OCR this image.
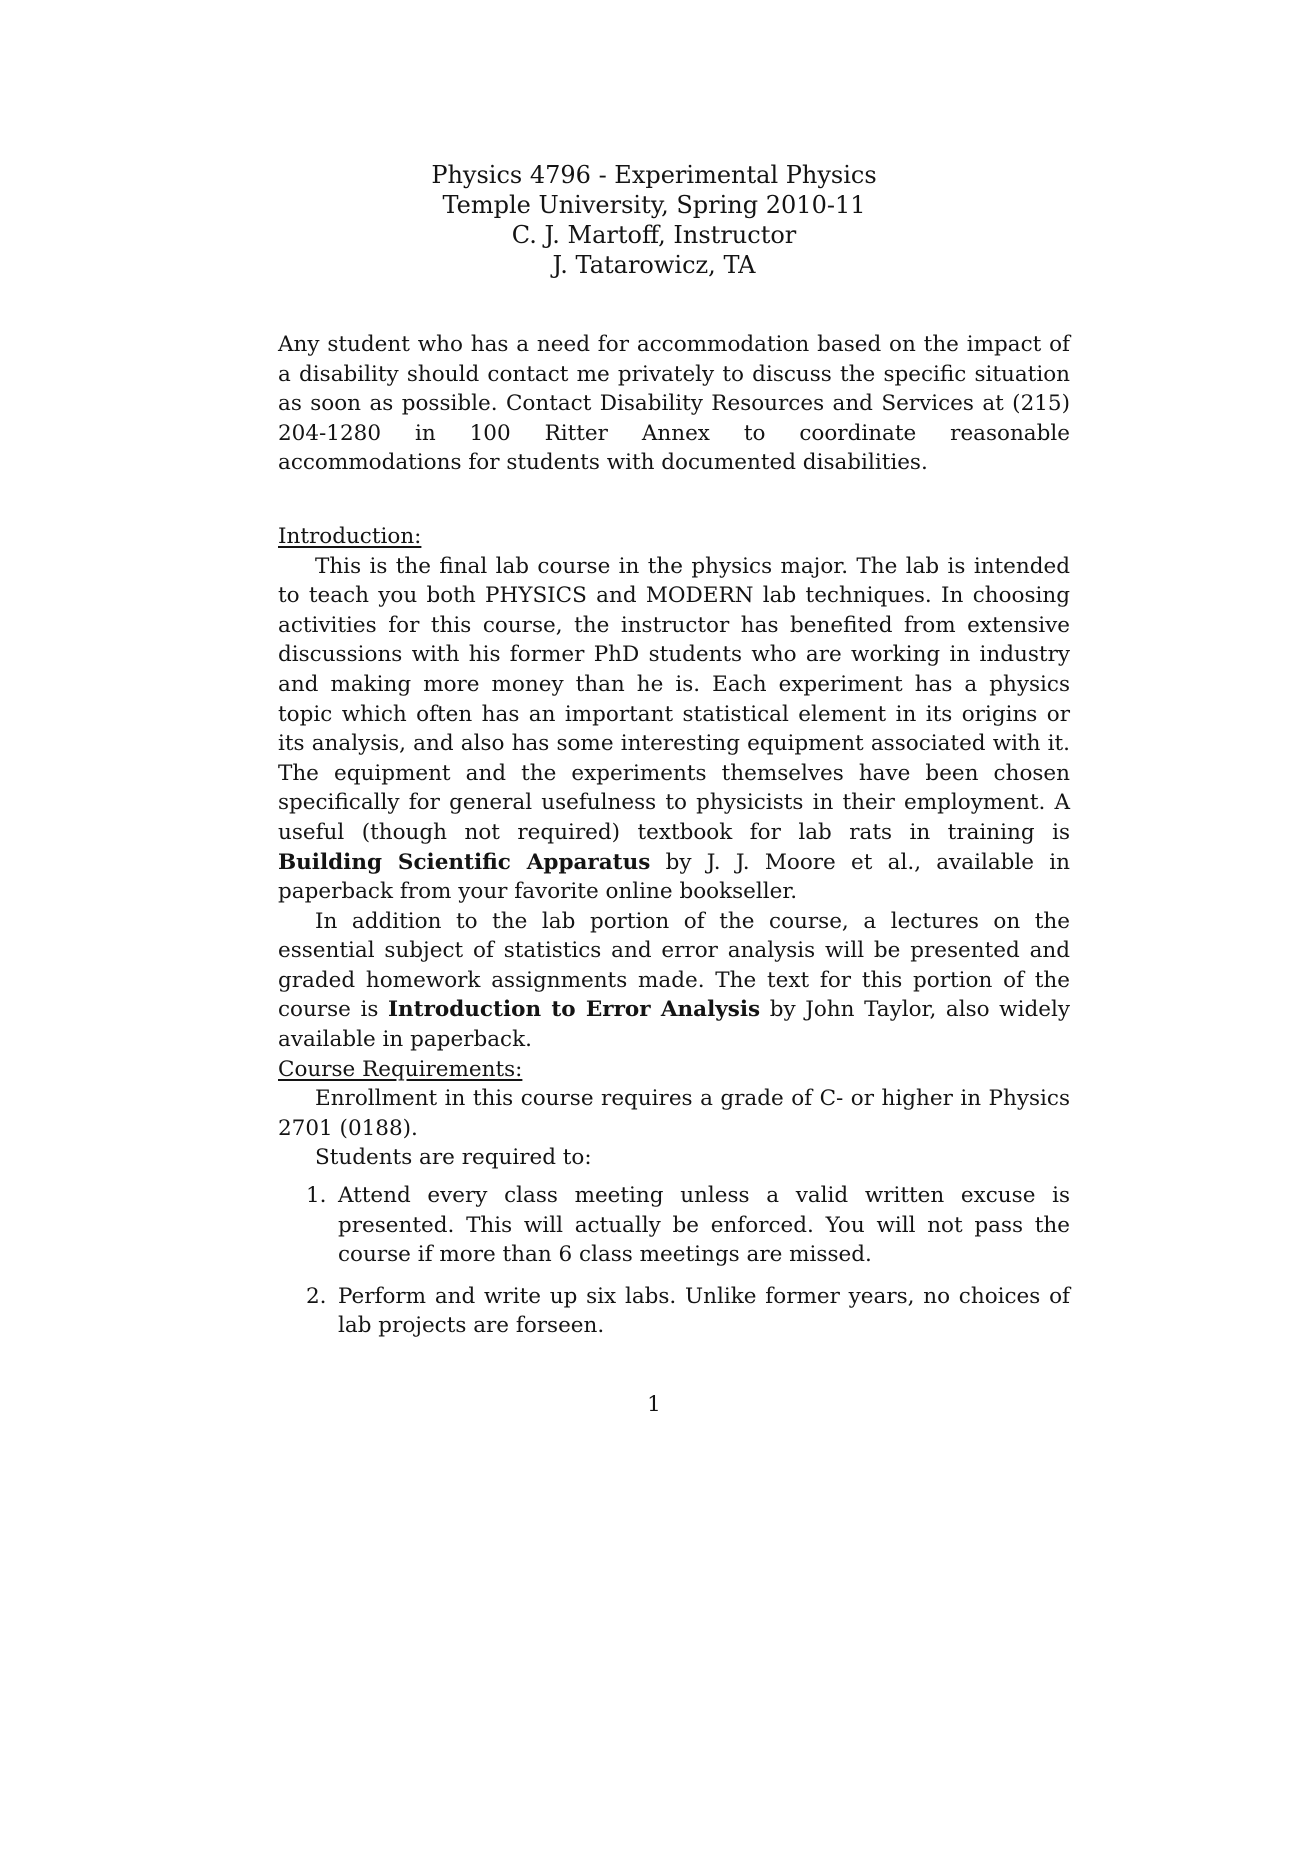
Physics 4796 - Experimental Physics
Temple University, Spring 2010-11
C. J. Martoff, Instructor
J. Tatarowicz, TA

Any student who has a need for accommodation based on the impact of a disability should contact me privately to discuss the specific situation as soon as possible. Contact Disability Resources and Services at (215) 204-1280 in 100 Ritter Annex to coordinate reasonable accommodations for students with documented disabilities.

Introduction:

This is the final lab course in the physics major. The lab is intended to teach you both PHYSICS and MODERN lab techniques. In choosing activities for this course, the instructor has benefited from extensive discussions with his former PhD students who are working in industry and making more money than he is. Each experiment has a physics topic which often has an important statistical element in its origins or its analysis, and also has some interesting equipment associated with it. The equipment and the experiments themselves have been chosen specifically for general usefulness to physicists in their employment. A useful (though not required) textbook for lab rats in training is Building Scientific Apparatus by J. J. Moore et al., available in paperback from your favorite online bookseller.

In addition to the lab portion of the course, a lectures on the essential subject of statistics and error analysis will be presented and graded homework assignments made. The text for this portion of the course is Introduction to Error Analysis by John Taylor, also widely available in paperback.

Course Requirements:

Enrollment in this course requires a grade of C- or higher in Physics 2701 (0188).

Students are required to:

1. Attend every class meeting unless a valid written excuse is presented. This will actually be enforced. You will not pass the course if more than 6 class meetings are missed.
2. Perform and write up six labs. Unlike former years, no choices of lab projects are forseen.
1
